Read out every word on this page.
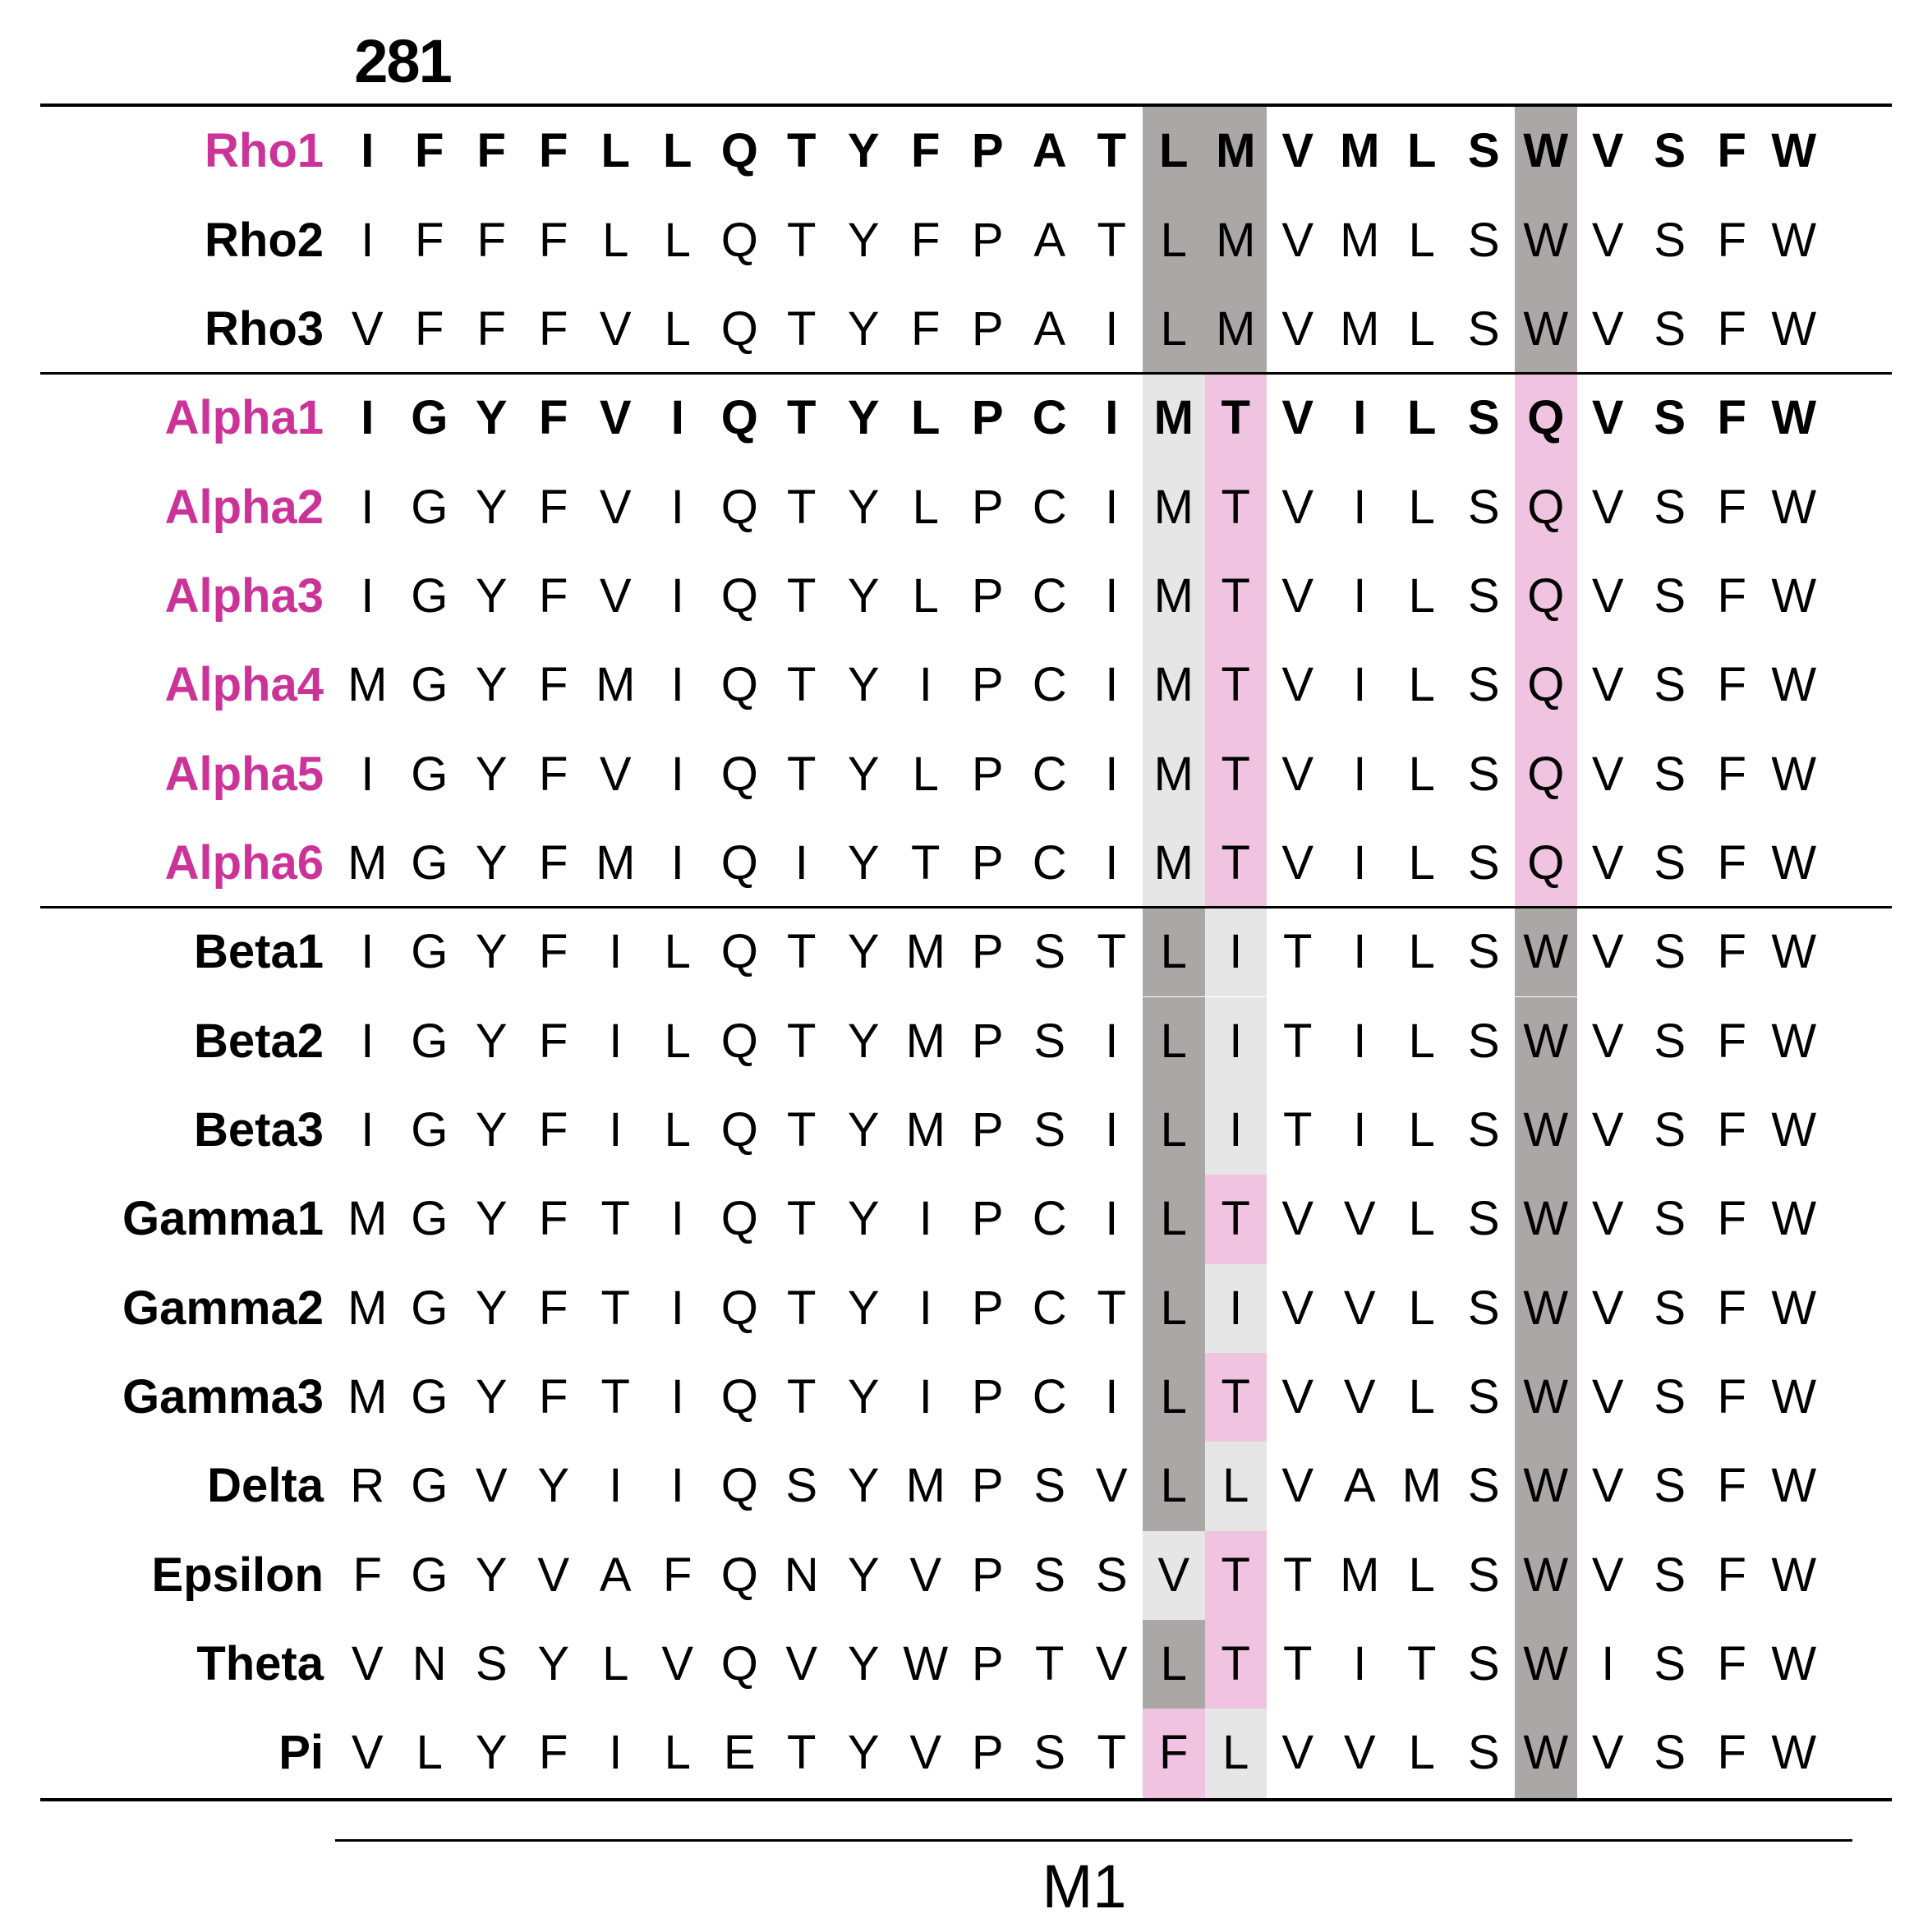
281
Rho1 I F F F L L Q T Y F P A T L M V M L S W V S F W
Rho2 I F F F L L Q T Y F P A T L M V M L S W V S F W
Rho3 V F F F V L Q T Y F P A I L M V M L S W V S F W
Alpha1 I G Y F V I Q T Y L P C I M T V I L S Q V S F W
Alpha2 I G Y F V I Q T Y L P C I M T V I L S Q V S F W
Alpha3 I G Y F V I Q T Y L P C I M T V I L S Q V S F W
Alpha4 M G Y F M I Q T Y I P C I M T V I L S Q V S F W
Alpha5 I G Y F V I Q T Y L P C I M T V I L S Q V S F W
Alpha6 M G Y F M I Q I Y T P C I M T V I L S Q V S F W
Beta1 I G Y F I L Q T Y M P S T L I T I L S W V S F W
Beta2 I G Y F I L Q T Y M P S I L I T I L S W V S F W
Beta3 I G Y F I L Q T Y M P S I L I T I L S W V S F W
Gamma1 M G Y F T I Q T Y I P C I L T V V L S W V S F W
Gamma2 M G Y F T I Q T Y I P C T L I V V L S W V S F W
Gamma3 M G Y F T I Q T Y I P C I L T V V L S W V S F W
Delta R G V Y I	I Q S Y M P S V L L V A M S W V S F W
Epsilon F G Y V A F Q N Y V P S S V T T M L S W V S F W
Theta V N S Y L V Q V Y W P T V L T T I T S W I S F W
Pi V L Y F I L E T Y V P S T F L V V L S W V S F W
M1
